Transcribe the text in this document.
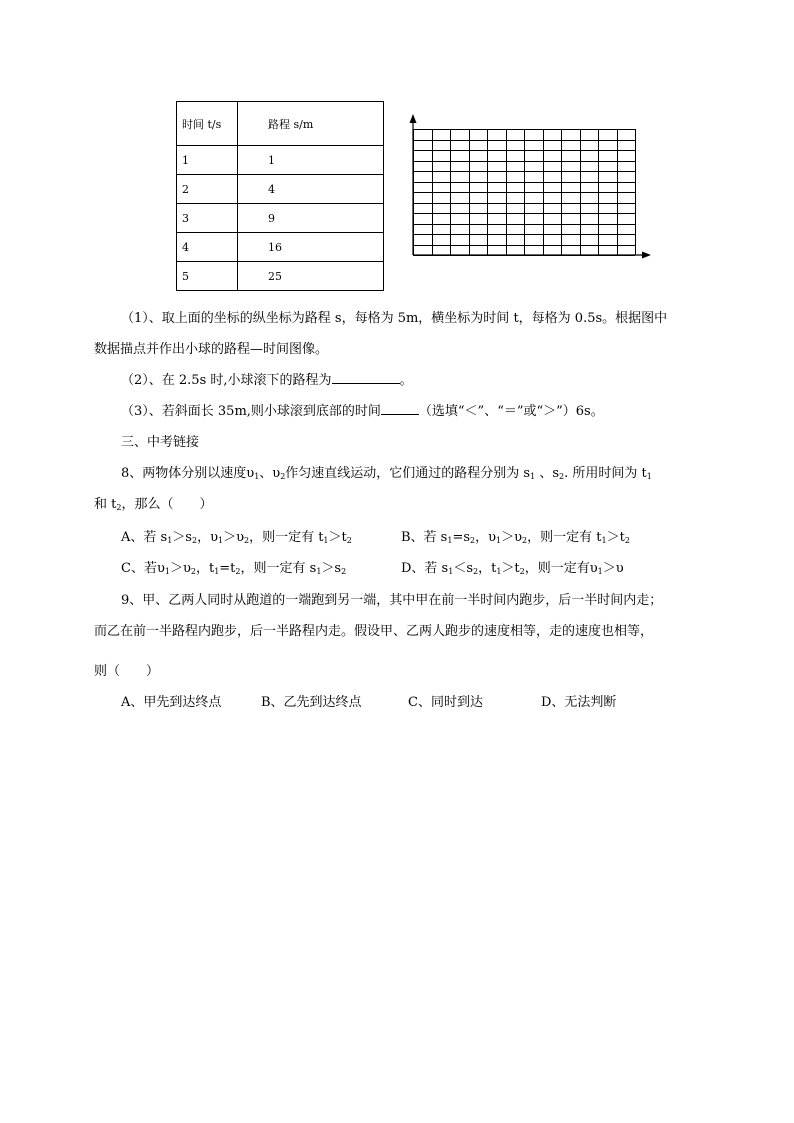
时间 t/s	路程 s/m
1	1
2	4
3	9
4	16
5	25
（1）、取上面的坐标的纵坐标为路程 s，每格为 5m，横坐标为时间 t，每格为 0.5s。根据图中
数据描点并作出小球的路程—时间图像。
（2）、在 2.5s 时,小球滚下的路程为	。
（3）、若斜面长 35m,则小球滚到底部的时间	（选填“＜”、“＝”或“＞”）6s。
三、中考链接
8、两物体分别以速度$\upsilon_1$、$\upsilon_2$作匀速直线运动，它们通过的路程分别为 $s_1$ 、$s_2$. 所用时间为 $t_1$
和 $t_2$，那么（　　）
A、若 $s_1>s_2$，$\upsilon_1>\upsilon_2$，则一定有 $t_1>t_2$	B、若 $s_1=s_2$，$\upsilon_1>\upsilon_2$，则一定有 $t_1>t_2$
C、若$\upsilon_1>\upsilon_2$，$t_1=t_2$，则一定有 $s_1>s_2$	D、若 $s_1<s_2$，$t_1>t_2$，则一定有$\upsilon_1>\upsilon$
9、甲、乙两人同时从跑道的一端跑到另一端，其中甲在前一半时间内跑步，后一半时间内走；
而乙在前一半路程内跑步，后一半路程内走。假设甲、乙两人跑步的速度相等，走的速度也相等，
则（　　）
A、甲先到达终点	B、乙先到达终点	C、同时到达	D、无法判断
